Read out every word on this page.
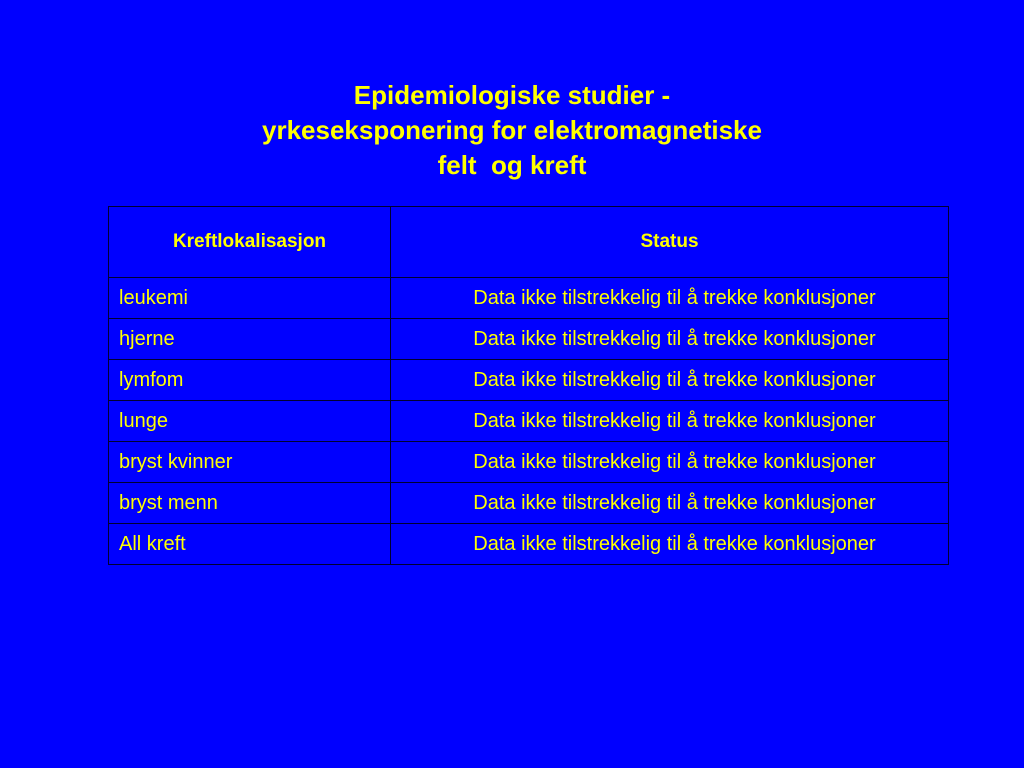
Epidemiologiske studier -
yrkeseksponering for elektromagnetiske
felt  og kreft
Kreftlokalisasjon	Status
leukemi	Data ikke tilstrekkelig til å trekke konklusjoner
hjerne	Data ikke tilstrekkelig til å trekke konklusjoner
lymfom	Data ikke tilstrekkelig til å trekke konklusjoner
lunge	Data ikke tilstrekkelig til å trekke konklusjoner
bryst kvinner	Data ikke tilstrekkelig til å trekke konklusjoner
bryst menn	Data ikke tilstrekkelig til å trekke konklusjoner
All kreft	Data ikke tilstrekkelig til å trekke konklusjoner
